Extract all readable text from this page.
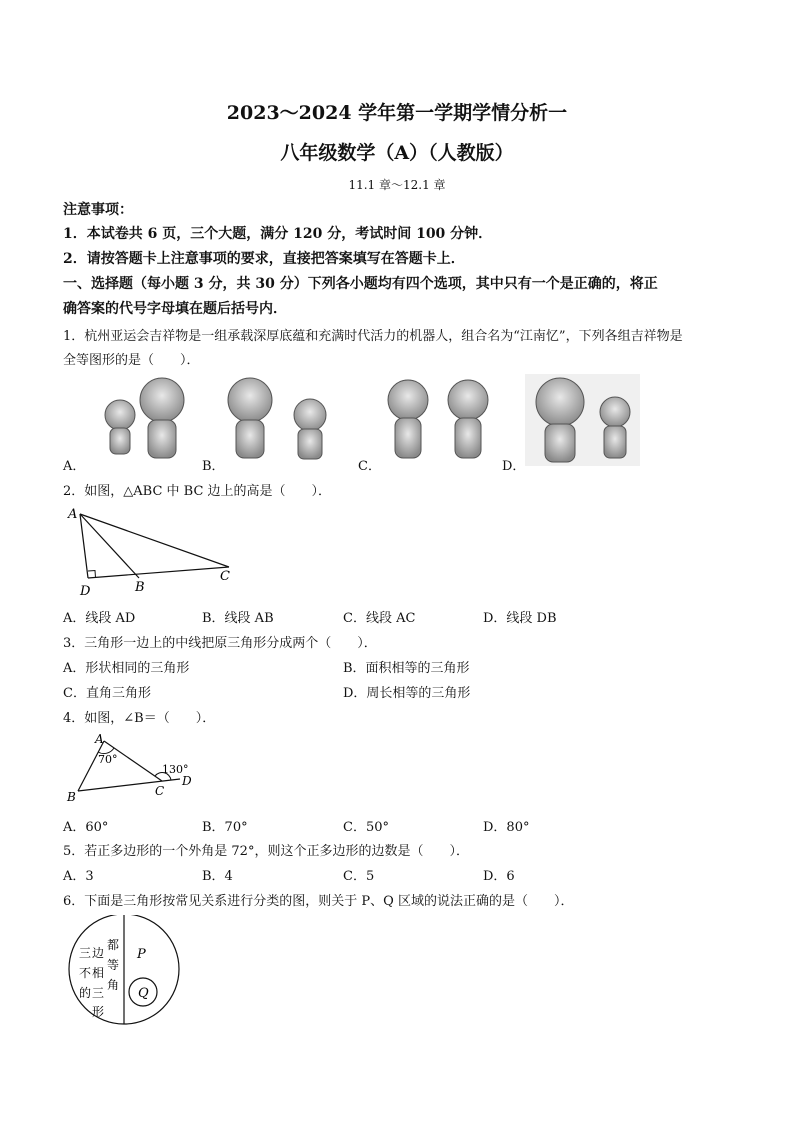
2023～2024 学年第一学期学情分析一
八年级数学（A）（人教版）
11.1 章～12.1 章
注意事项：
1．本试卷共 6 页，三个大题，满分 120 分，考试时间 100 分钟．
2．请按答题卡上注意事项的要求，直接把答案填写在答题卡上．
一、选择题（每小题 3 分，共 30 分）下列各小题均有四个选项，其中只有一个是正确的，将正
确答案的代号字母填在题后括号内．
1．杭州亚运会吉祥物是一组承载深厚底蕴和充满时代活力的机器人，组合名为“江南忆”，下列各组吉祥物是
全等图形的是（　　）．
A．	B．	C．	D．
2．如图，△ABC 中 BC 边上的高是（　　）．
A
D	B
C
A．线段 AD	B．线段 AB	C．线段 AC	D．线段 DB
3．三角形一边上的中线把原三角形分成两个（　　）．
A．形状相同的三角形	B．面积相等的三角形
C．直角三角形	D．周长相等的三角形
4．如图，∠B＝（　　）．
A
70°
B	C
D
130°
A．60°	B．70°	C．50°	D．80°
5．若正多边形的一个外角是 72°，则这个正多边形的边数是（　　）．
A．3	B．4	C．5	D．6
6．下面是三角形按常见关系进行分类的图，则关于 P、Q 区域的说法正确的是（　　）．
三
不
的
边
相
三
形
都
等
角
P
Q
